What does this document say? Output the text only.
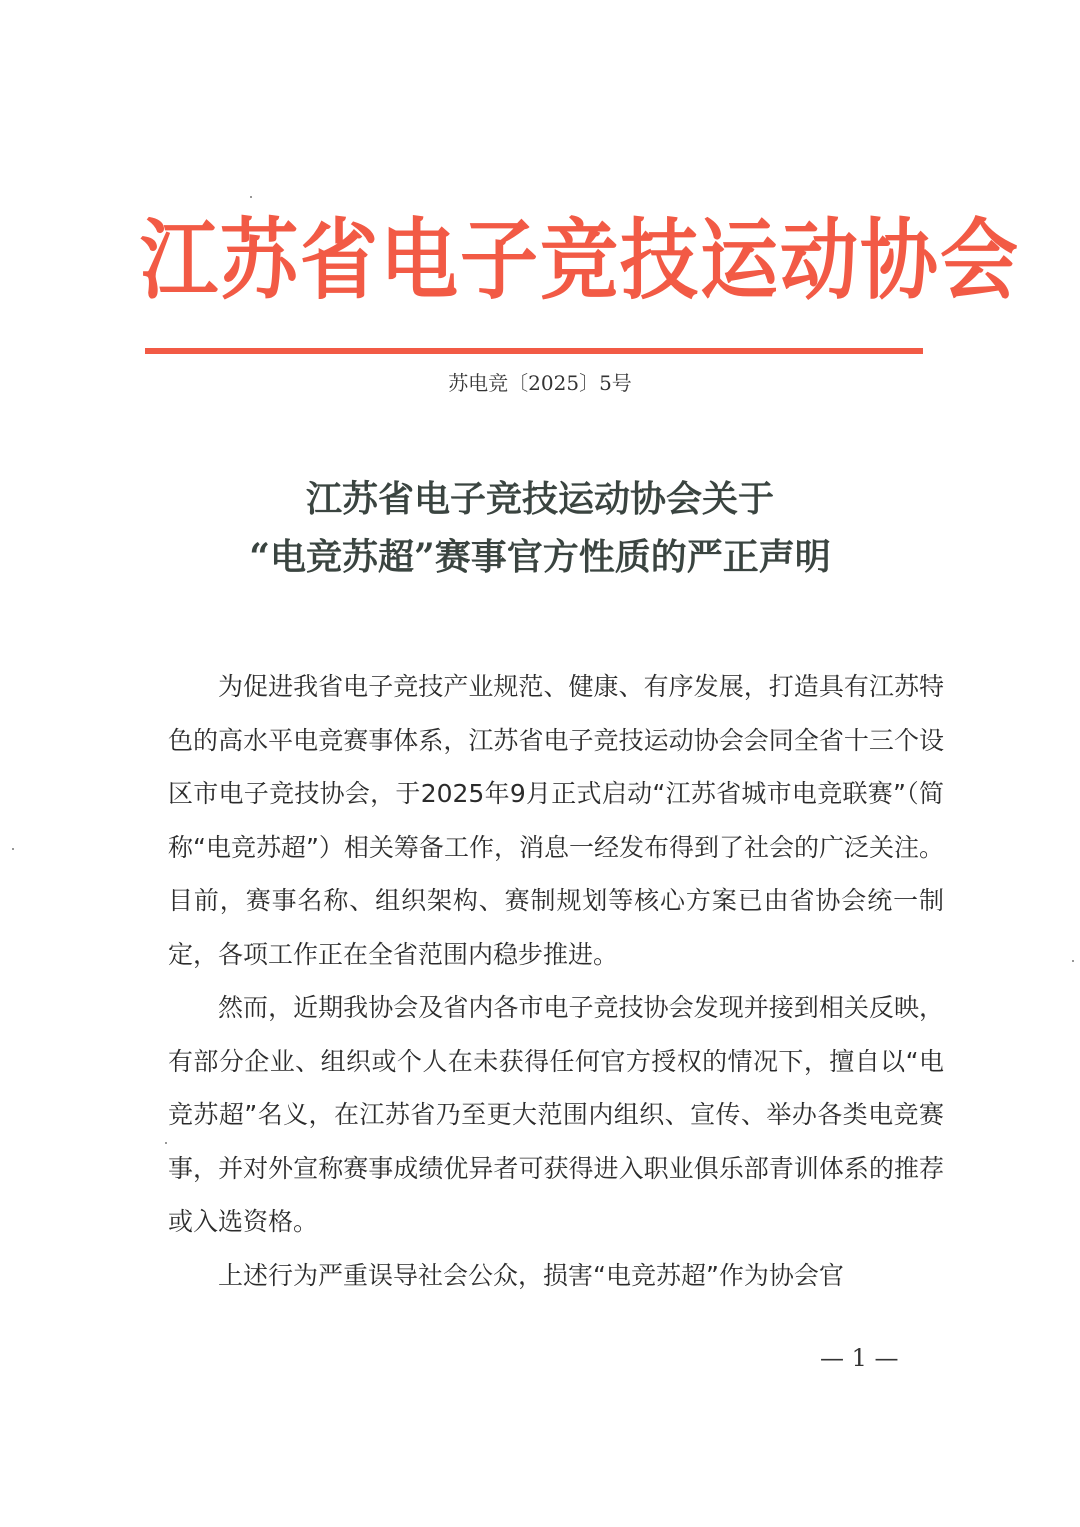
江苏省电子竞技运动协会
苏电竞〔2025〕5号
江苏省电子竞技运动协会关于
“电竞苏超”赛事官方性质的严正声明

为促进我省电子竞技产业规范、健康、有序发展，打造具有江苏特色的高水平电竞赛事体系，江苏省电子竞技运动协会会同全省十三个设区市电子竞技协会，于2025年9月正式启动“江苏省城市电竞联赛”（简称“电竞苏超”）相关筹备工作，消息一经发布得到了社会的广泛关注。目前，赛事名称、组织架构、赛制规划等核心方案已由省协会统一制定，各项工作正在全省范围内稳步推进。

然而，近期我协会及省内各市电子竞技协会发现并接到相关反映，有部分企业、组织或个人在未获得任何官方授权的情况下，擅自以“电竞苏超”名义，在江苏省乃至更大范围内组织、宣传、举办各类电竞赛事，并对外宣称赛事成绩优异者可获得进入职业俱乐部青训体系的推荐或入选资格。

上述行为严重误导社会公众，损害“电竞苏超”作为协会官

— 1 —
